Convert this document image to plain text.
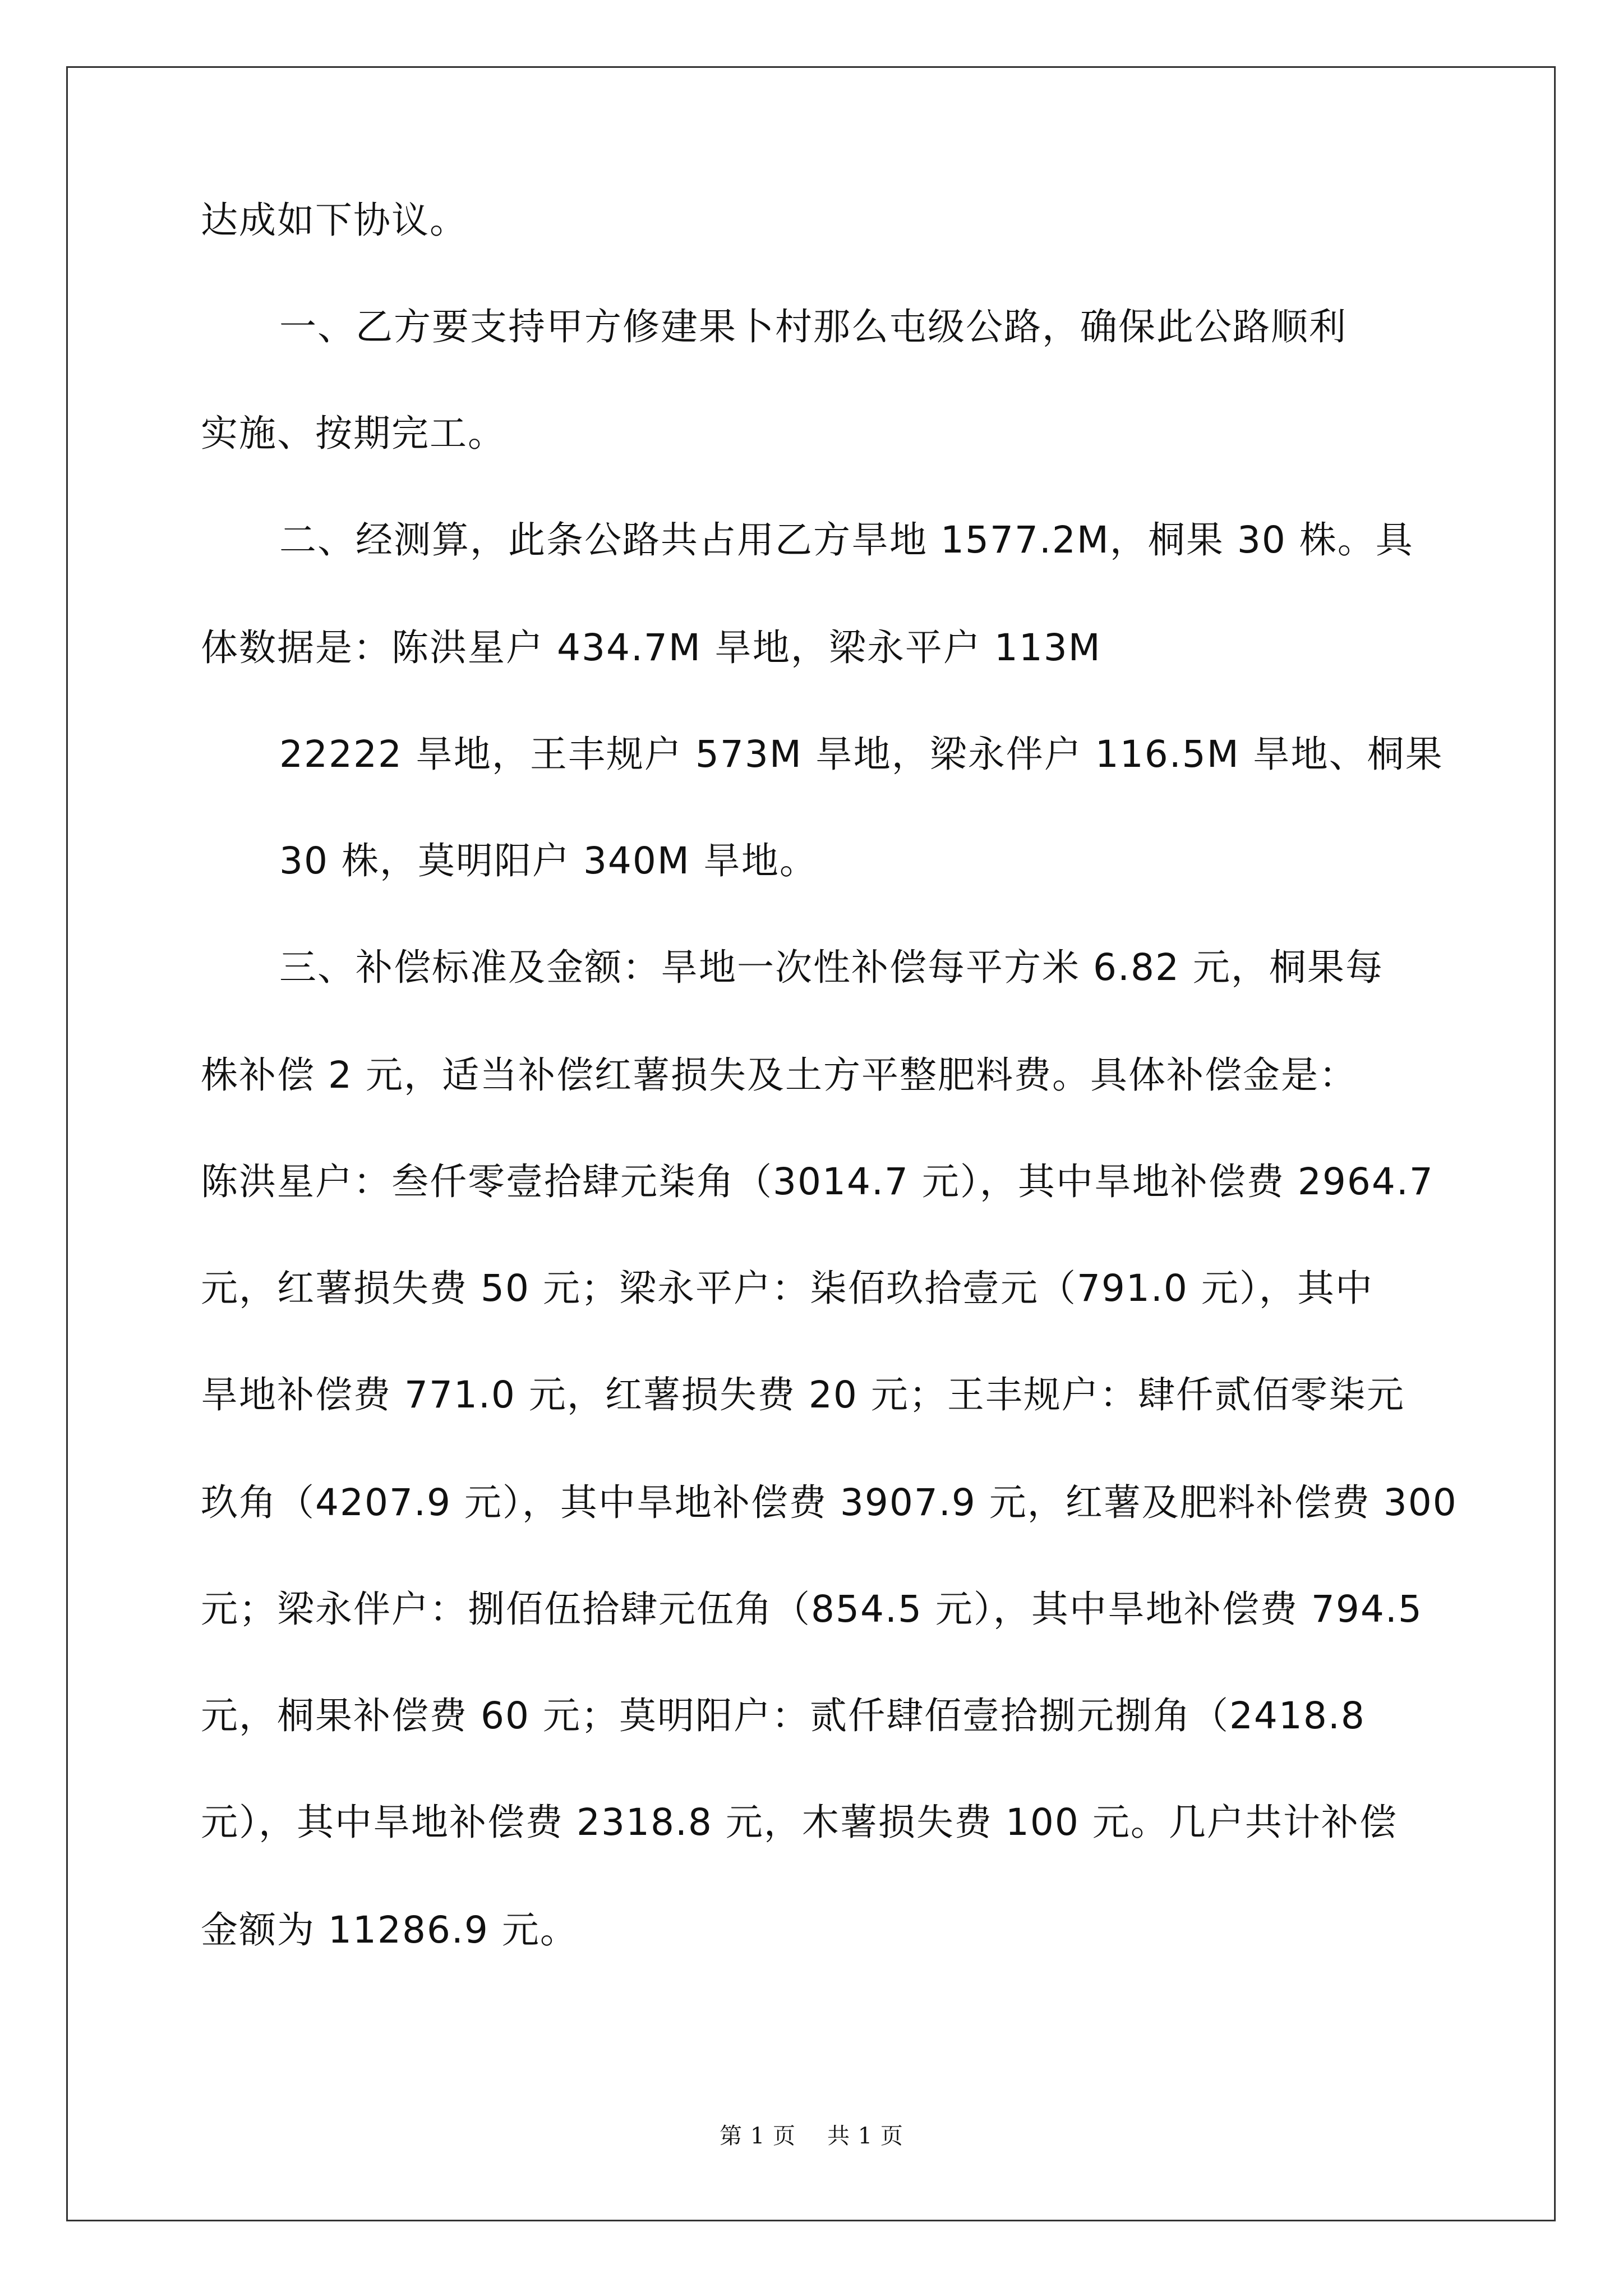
达成如下协议。
一、乙方要支持甲方修建果卜村那么屯级公路，确保此公路顺利
实施、按期完工。
二、经测算，此条公路共占用乙方旱地 1577.2M，桐果 30 株。具
体数据是：陈洪星户 434.7M 旱地，梁永平户 113M
22222 旱地，王丰规户 573M 旱地，梁永伴户 116.5M 旱地、桐果
30 株，莫明阳户 340M 旱地。
三、补偿标准及金额：旱地一次性补偿每平方米 6.82 元，桐果每
株补偿 2 元，适当补偿红薯损失及土方平整肥料费。具体补偿金是：
陈洪星户：叁仟零壹拾肆元柒角（3014.7 元），其中旱地补偿费 2964.7
元，红薯损失费 50 元；梁永平户：柒佰玖拾壹元（791.0 元），其中
旱地补偿费 771.0 元，红薯损失费 20 元；王丰规户：肆仟贰佰零柒元
玖角（4207.9 元），其中旱地补偿费 3907.9 元，红薯及肥料补偿费 300
元；梁永伴户：捌佰伍拾肆元伍角（854.5 元），其中旱地补偿费 794.5
元，桐果补偿费 60 元；莫明阳户：贰仟肆佰壹拾捌元捌角（2418.8
元），其中旱地补偿费 2318.8 元，木薯损失费 100 元。几户共计补偿
金额为 11286.9 元。
第 1 页 共 1 页
